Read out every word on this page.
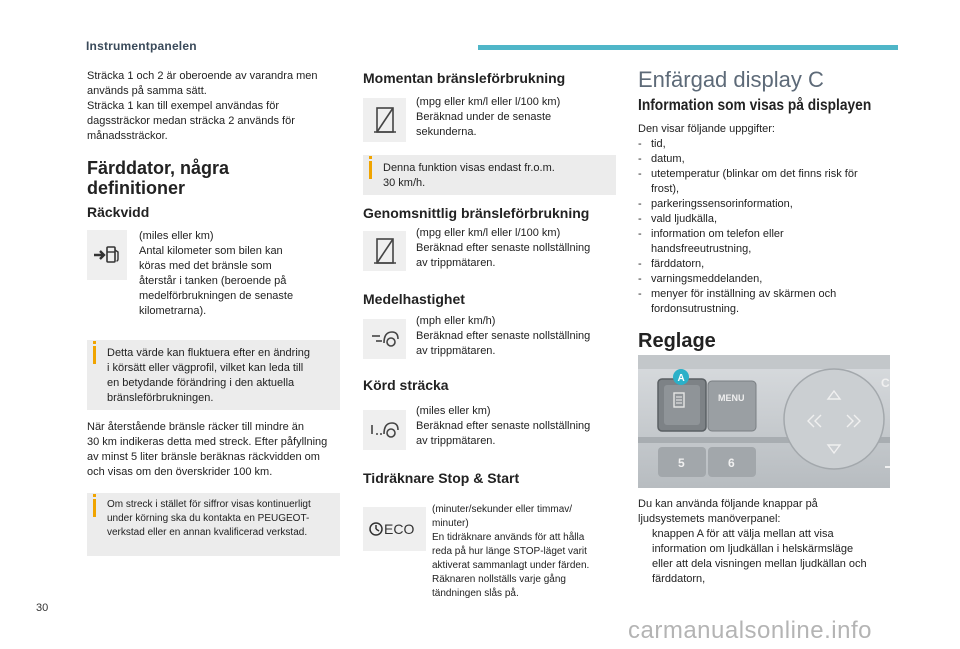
Instrumentpanelen

Sträcka 1 och 2 är oberoende av varandra men

används på samma sätt.

Sträcka 1 kan till exempel användas för

dagssträckor medan sträcka 2 används för

månadssträckor.

Färddator, några
definitioner
Räckvidd

(miles eller km)

Antal kilometer som bilen kan

köras med det bränsle som

återstår i tanken (beroende på

medelförbrukningen de senaste

kilometrarna).

Detta värde kan fluktuera efter en ändring

i körsätt eller vägprofil, vilket kan leda till

en betydande förändring i den aktuella

bränsleförbrukningen.

När återstående bränsle räcker till mindre än

30 km indikeras detta med streck. Efter påfyllning

av minst 5 liter bränsle beräknas räckvidden om

och visas om den överskrider 100 km.

Om streck i stället för siffror visas kontinuerligt

under körning ska du kontakta en PEUGEOT-

verkstad eller en annan kvalificerad verkstad.

Momentan bränsleförbrukning

(mpg eller km/l eller l/100 km)

Beräknad under de senaste

sekunderna.

Denna funktion visas endast fr.o.m.

30 km/h.

Genomsnittlig bränsleförbrukning

(mpg eller km/l eller l/100 km)

Beräknad efter senaste nollställning

av trippmätaren.

Medelhastighet

(mph eller km/h)

Beräknad efter senaste nollställning

av trippmätaren.

Körd sträcka

(miles eller km)

Beräknad efter senaste nollställning

av trippmätaren.

Tidräknare Stop & Start
ECO

(minuter/sekunder eller timmav/

minuter)

En tidräknare används för att hålla

reda på hur länge STOP-läget varit

aktiverat sammanlagt under färden.

Räknaren nollställs varje gång

tändningen slås på.

Enfärgad display C
Information som visas på displayen

Den visar följande uppgifter:

- tid,
- datum,
- utetemperatur (blinkar om det finns risk för
frost),
- parkeringssensorinformation,
- vald ljudkälla,
- information om telefon eller
handsfreeutrustning,
- färddatorn,
- varningsmeddelanden,
- menyer för inställning av skärmen och
fordonsutrustning.
Reglage
MENU
5	6
C
A

Du kan använda följande knappar på

ljudsystemets manöverpanel:

knappen A för att välja mellan att visa

information om ljudkällan i helskärmsläge

eller att dela visningen mellan ljudkällan och

färddatorn,

30
carmanualsonline.info
